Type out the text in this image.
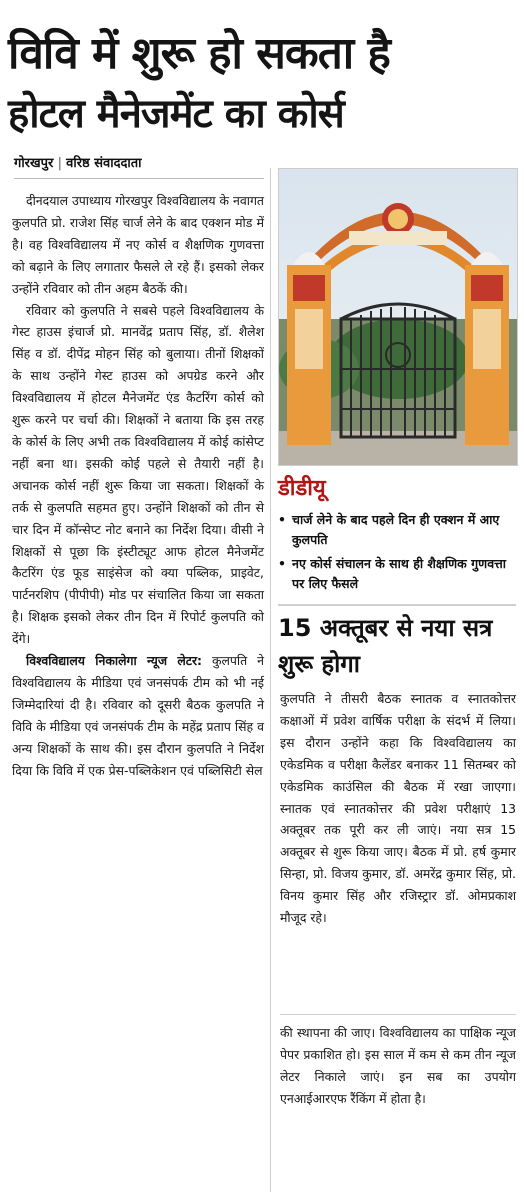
विवि में शुरू हो सकता है
होटल मैनेजमेंट का कोर्स
गोरखपुर | वरिष्ठ संवाददाता

दीनदयाल उपाध्याय गोरखपुर विश्वविद्यालय के नवागत कुलपति प्रो. राजेश सिंह चार्ज लेने के बाद एक्शन मोड में है। वह विश्वविद्यालय में नए कोर्स व शैक्षणिक गुणवत्ता को बढ़ाने के लिए लगातार फैसले ले रहे हैं। इसको लेकर उन्होंने रविवार को तीन अहम बैठकें की।

रविवार को कुलपति ने सबसे पहले विश्वविद्यालय के गेस्ट हाउस इंचार्ज प्रो. मानवेंद्र प्रताप सिंह, डॉ. शैलेश सिंह व डॉ. दीपेंद्र मोहन सिंह को बुलाया। तीनों शिक्षकों के साथ उन्होंने गेस्ट हाउस को अपग्रेड करने और विश्वविद्यालय में होटल मैनेजमेंट एंड कैटरिंग कोर्स को शुरू करने पर चर्चा की। शिक्षकों ने बताया कि इस तरह के कोर्स के लिए अभी तक विश्वविद्यालय में कोई कांसेप्ट नहीं बना था। इसकी कोई पहले से तैयारी नहीं है। अचानक कोर्स नहीं शुरू किया जा सकता। शिक्षकों के तर्क से कुलपति सहमत हुए। उन्होंने शिक्षकों को तीन से चार दिन में कॉन्सेप्ट नोट बनाने का निर्देश दिया। वीसी ने शिक्षकों से पूछा कि इंस्टीट्यूट आफ होटल मैनेजमेंट कैटरिंग एंड फूड साइंसेज को क्या पब्लिक, प्राइवेट, पार्टनरशिप (पीपीपी) मोड पर संचालित किया जा सकता है। शिक्षक इसको लेकर तीन दिन में रिपोर्ट कुलपति को देंगे।

विश्वविद्यालय निकालेगा न्यूज लेटर: कुलपति ने विश्वविद्यालय के मीडिया एवं जनसंपर्क टीम को भी नई जिम्मेदारियां दी है। रविवार को दूसरी बैठक कुलपति ने विवि के मीडिया एवं जनसंपर्क टीम के महेंद्र प्रताप सिंह व अन्य शिक्षकों के साथ की। इस दौरान कुलपति ने निर्देश दिया कि विवि में एक प्रेस-पब्लिकेशन एवं पब्लिसिटी सेल

डीडीयू
• चार्ज लेने के बाद पहले दिन ही एक्शन में आए कुलपति
• नए कोर्स संचालन के साथ ही शैक्षणिक गुणवत्ता पर लिए फैसले
15 अक्तूबर से नया सत्र शुरू होगा

कुलपति ने तीसरी बैठक स्नातक व स्नातकोत्तर कक्षाओं में प्रवेश वार्षिक परीक्षा के संदर्भ में लिया। इस दौरान उन्होंने कहा कि विश्वविद्यालय का एकेडमिक व परीक्षा कैलेंडर बनाकर 11 सितम्बर को एकेडमिक काउंसिल की बैठक में रखा जाएगा। स्नातक एवं स्नातकोत्तर की प्रवेश परीक्षाएं 13 अक्तूबर तक पूरी कर ली जाएं। नया सत्र 15 अक्तूबर से शुरू किया जाए। बैठक में प्रो. हर्ष कुमार सिन्हा, प्रो. विजय कुमार, डॉ. अमरेंद्र कुमार सिंह, प्रो. विनय कुमार सिंह और रजिस्ट्रार डॉ. ओमप्रकाश मौजूद रहे।

की स्थापना की जाए। विश्वविद्यालय का पाक्षिक न्यूज पेपर प्रकाशित हो। इस साल में कम से कम तीन न्यूज लेटर निकाले जाएं। इन सब का उपयोग एनआईआरएफ रैंकिंग में होता है।
